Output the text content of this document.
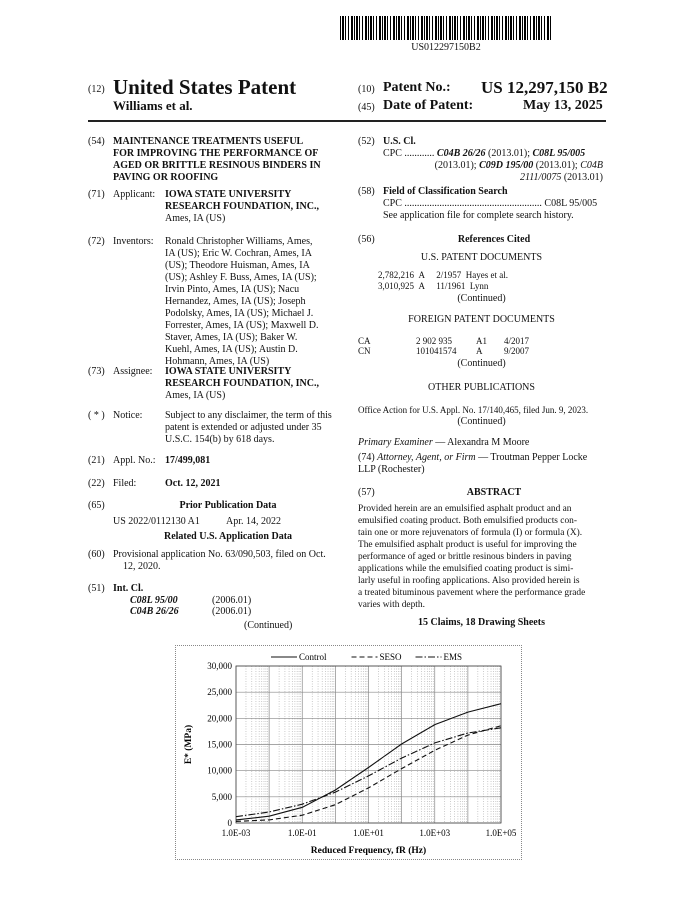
US012297150B2
(12) United States Patent
Williams et al.
(10) Patent No.: US 12,297,150 B2
(45) Date of Patent:	May 13, 2025
(54) MAINTENANCE TREATMENTS USEFUL
FOR IMPROVING THE PERFORMANCE OF
AGED OR BRITTLE RESINOUS BINDERS IN
PAVING OR ROOFING
(71) Applicant: IOWA STATE UNIVERSITY
RESEARCH FOUNDATION, INC.,
Ames, IA (US)
(72) Inventors: Ronald Christopher Williams, Ames,
IA (US); Eric W. Cochran, Ames, IA
(US); Theodore Huisman, Ames, IA
(US); Ashley F. Buss, Ames, IA (US);
Irvin Pinto, Ames, IA (US); Nacu
Hernandez, Ames, IA (US); Joseph
Podolsky, Ames, IA (US); Michael J.
Forrester, Ames, IA (US); Maxwell D.
Staver, Ames, IA (US); Baker W.
Kuehl, Ames, IA (US); Austin D.
Hohmann, Ames, IA (US)
(73) Assignee: IOWA STATE UNIVERSITY
RESEARCH FOUNDATION, INC.,
Ames, IA (US)
( * ) Notice: Subject to any disclaimer, the term of this
patent is extended or adjusted under 35
U.S.C. 154(b) by 618 days.
(21) Appl. No.: 17/499,081
(22) Filed:	Oct. 12, 2021
(65)	Prior Publication Data
US 2022/0112130 A1	Apr. 14, 2022
Related U.S. Application Data
(60) Provisional application No. 63/090,503, filed on Oct.
12, 2020.
(51) Int. Cl.
C08L 95/00	(2006.01)
C04B 26/26	(2006.01)
(Continued)
(52) U.S. Cl.
CPC ............ C04B 26/26 (2013.01); C08L 95/005
(2013.01); C09D 195/00 (2013.01); C04B
2111/0075 (2013.01)
(58) Field of Classification Search
CPC ....................................................... C08L 95/005
See application file for complete search history.
(56)	References Cited
U.S. PATENT DOCUMENTS
2,782,216 A 2/1957 Hayes et al.
3,010,925 A 11/1961 Lynn
(Continued)
FOREIGN PATENT DOCUMENTS
CA	2 902 935	A1 4/2017
CN	101041574 A 9/2007
(Continued)
OTHER PUBLICATIONS
Office Action for U.S. Appl. No. 17/140,465, filed Jun. 9, 2023.
(Continued)
Primary Examiner — Alexandra M Moore
(74) Attorney, Agent, or Firm — Troutman Pepper Locke
LLP (Rochester)
(57)	ABSTRACT
Provided herein are an emulsified asphalt product and an
emulsified coating product. Both emulsified products con-
tain one or more rejuvenators of formula (I) or formula (X).
The emulsified asphalt product is useful for improving the
performance of aged or brittle resinous binders in paving
applications while the emulsified coating product is simi-
larly useful in roofing applications. Also provided herein is
a treated bituminous pavement where the performance grade
varies with depth.
15 Claims, 18 Drawing Sheets
0
5,000
10,000
15,000
20,000
25,000
30,000
1.0E-03	1.0E-01	1.0E+01	1.0E+03	1.0E+05
Reduced Frequency, fR (Hz)
E* (MPa)
Control	SESO	EMS
